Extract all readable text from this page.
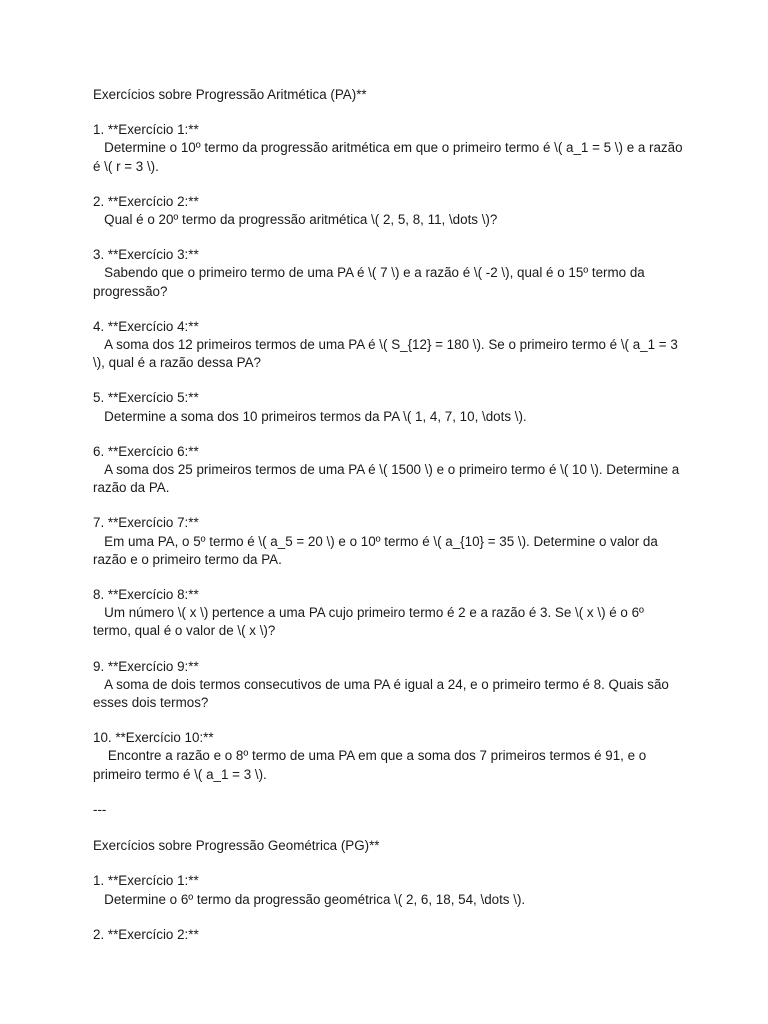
Exercícios sobre Progressão Aritmética (PA)**
1. **Exercício 1:**
Determine o 10º termo da progressão aritmética em que o primeiro termo é \( a_1 = 5 \) e a razão é \( r = 3 \).
2. **Exercício 2:**
Qual é o 20º termo da progressão aritmética \( 2, 5, 8, 11, \dots \)?
3. **Exercício 3:**
Sabendo que o primeiro termo de uma PA é \( 7 \) e a razão é \( -2 \), qual é o 15º termo da progressão?
4. **Exercício 4:**
A soma dos 12 primeiros termos de uma PA é \( S_{12} = 180 \). Se o primeiro termo é \( a_1 = 3 \), qual é a razão dessa PA?
5. **Exercício 5:**
Determine a soma dos 10 primeiros termos da PA \( 1, 4, 7, 10, \dots \).
6. **Exercício 6:**
A soma dos 25 primeiros termos de uma PA é \( 1500 \) e o primeiro termo é \( 10 \). Determine a razão da PA.
7. **Exercício 7:**
Em uma PA, o 5º termo é \( a_5 = 20 \) e o 10º termo é \( a_{10} = 35 \). Determine o valor da razão e o primeiro termo da PA.
8. **Exercício 8:**
Um número \( x \) pertence a uma PA cujo primeiro termo é 2 e a razão é 3. Se \( x \) é o 6º termo, qual é o valor de \( x \)?
9. **Exercício 9:**
A soma de dois termos consecutivos de uma PA é igual a 24, e o primeiro termo é 8. Quais são esses dois termos?
10. **Exercício 10:**
Encontre a razão e o 8º termo de uma PA em que a soma dos 7 primeiros termos é 91, e o primeiro termo é \( a_1 = 3 \).
---
Exercícios sobre Progressão Geométrica (PG)**
1. **Exercício 1:**
Determine o 6º termo da progressão geométrica \( 2, 6, 18, 54, \dots \).
2. **Exercício 2:**
